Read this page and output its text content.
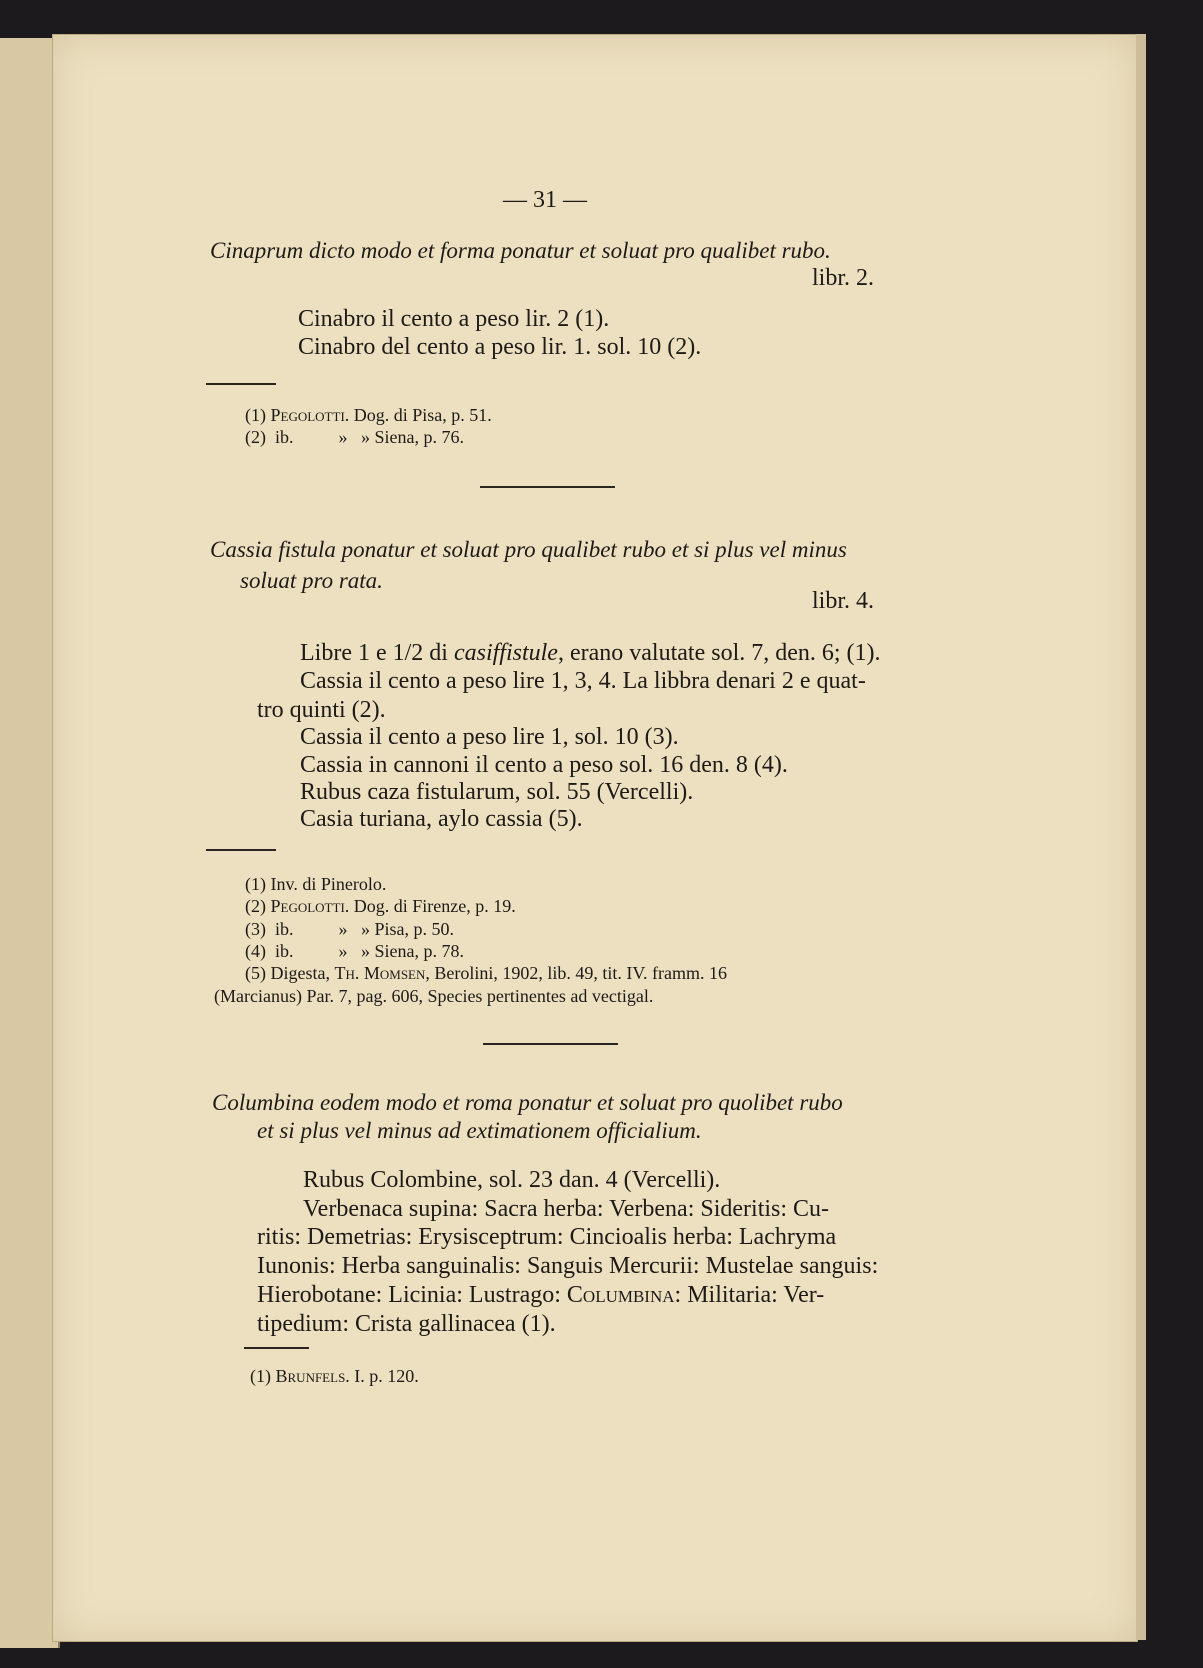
— 31 —
Cinaprum dicto modo et forma ponatur et soluat pro qualibet rubo.
libr. 2.
Cinabro il cento a peso lir. 2 (1).
Cinabro del cento a peso lir. 1. sol. 10 (2).
(1) Pegolotti. Dog. di Pisa, p. 51.
(2) ib.          »   » Siena, p. 76.
Cassia fistula ponatur et soluat pro qualibet rubo et si plus vel minus
soluat pro rata.
libr. 4.
Libre 1 e 1/2 di casiffistule, erano valutate sol. 7, den. 6; (1).
Cassia il cento a peso lire 1, 3, 4. La libbra denari 2 e quat-
tro quinti (2).
Cassia il cento a peso lire 1, sol. 10 (3).
Cassia in cannoni il cento a peso sol. 16 den. 8 (4).
Rubus caza fistularum, sol. 55 (Vercelli).
Casia turiana, aylo cassia (5).
(1) Inv. di Pinerolo.
(2) Pegolotti. Dog. di Firenze, p. 19.
(3) ib.          »   » Pisa, p. 50.
(4) ib.          »   » Siena, p. 78.
(5) Digesta, Th. Momsen, Berolini, 1902, lib. 49, tit. IV. framm. 16
(Marcianus) Par. 7, pag. 606, Species pertinentes ad vectigal.
Columbina eodem modo et roma ponatur et soluat pro quolibet rubo
et si plus vel minus ad extimationem officialium.
Rubus Colombine, sol. 23 dan. 4 (Vercelli).
Verbenaca supina: Sacra herba: Verbena: Sideritis: Cu-
ritis: Demetrias: Erysisceptrum: Cincioalis herba: Lachryma
Iunonis: Herba sanguinalis: Sanguis Mercurii: Mustelae sanguis:
Hierobotane: Licinia: Lustrago: Columbina: Militaria: Ver-
tipedium: Crista gallinacea (1).
(1) Brunfels. I. p. 120.
